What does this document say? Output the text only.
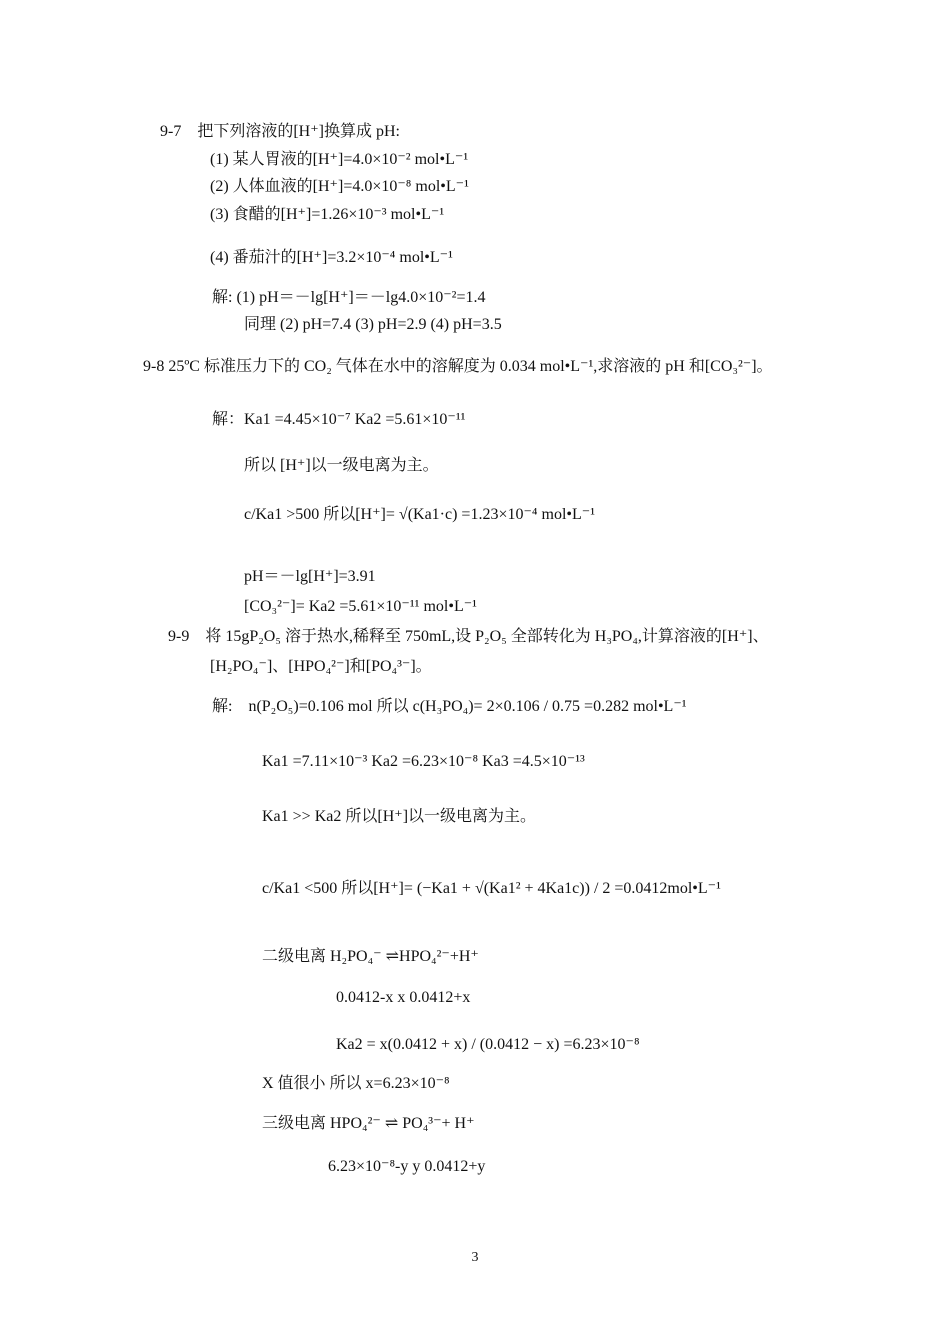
9-7　把下列溶液的[H⁺]换算成 pH:
(1) 某人胃液的[H⁺]=4.0×10⁻² mol•L⁻¹
(2) 人体血液的[H⁺]=4.0×10⁻⁸ mol•L⁻¹
(3) 食醋的[H⁺]=1.26×10⁻³ mol•L⁻¹
(4) 番茄汁的[H⁺]=3.2×10⁻⁴ mol•L⁻¹
解: (1) pH＝－lg[H⁺]＝－lg4.0×10⁻²=1.4
同理 (2) pH=7.4 (3) pH=2.9 (4) pH=3.5
9-8 25ºC 标准压力下的 CO₂ 气体在水中的溶解度为 0.034 mol•L⁻¹,求溶液的 pH 和[CO₃²⁻]。
解：Ka1 =4.45×10⁻⁷ Ka2 =5.61×10⁻¹¹
所以 [H⁺]以一级电离为主。
c/Ka1 >500 所以[H⁺]= √(Ka1·c) =1.23×10⁻⁴ mol•L⁻¹
pH＝－lg[H⁺]=3.91
[CO₃²⁻]= Ka2 =5.61×10⁻¹¹ mol•L⁻¹
9-9　将 15gP₂O₅ 溶于热水,稀释至 750mL,设 P₂O₅ 全部转化为 H₃PO₄,计算溶液的[H⁺]、
[H₂PO₄⁻]、[HPO₄²⁻]和[PO₄³⁻]。
解:　n(P₂O₅)=0.106 mol 所以 c(H₃PO₄)= 2×0.106 / 0.75 =0.282 mol•L⁻¹
Ka1 =7.11×10⁻³ Ka2 =6.23×10⁻⁸ Ka3 =4.5×10⁻¹³
Ka1 >> Ka2 所以[H⁺]以一级电离为主。
c/Ka1 <500 所以[H⁺]= (−Ka1 + √(Ka1² + 4Ka1c)) / 2 =0.0412mol•L⁻¹
二级电离 H₂PO₄⁻ ⇌HPO₄²⁻+H⁺
0.0412-x x 0.0412+x
Ka2 = x(0.0412 + x) / (0.0412 − x) =6.23×10⁻⁸
X 值很小 所以 x=6.23×10⁻⁸
三级电离 HPO₄²⁻ ⇌ PO₄³⁻+ H⁺
6.23×10⁻⁸-y y 0.0412+y
3
